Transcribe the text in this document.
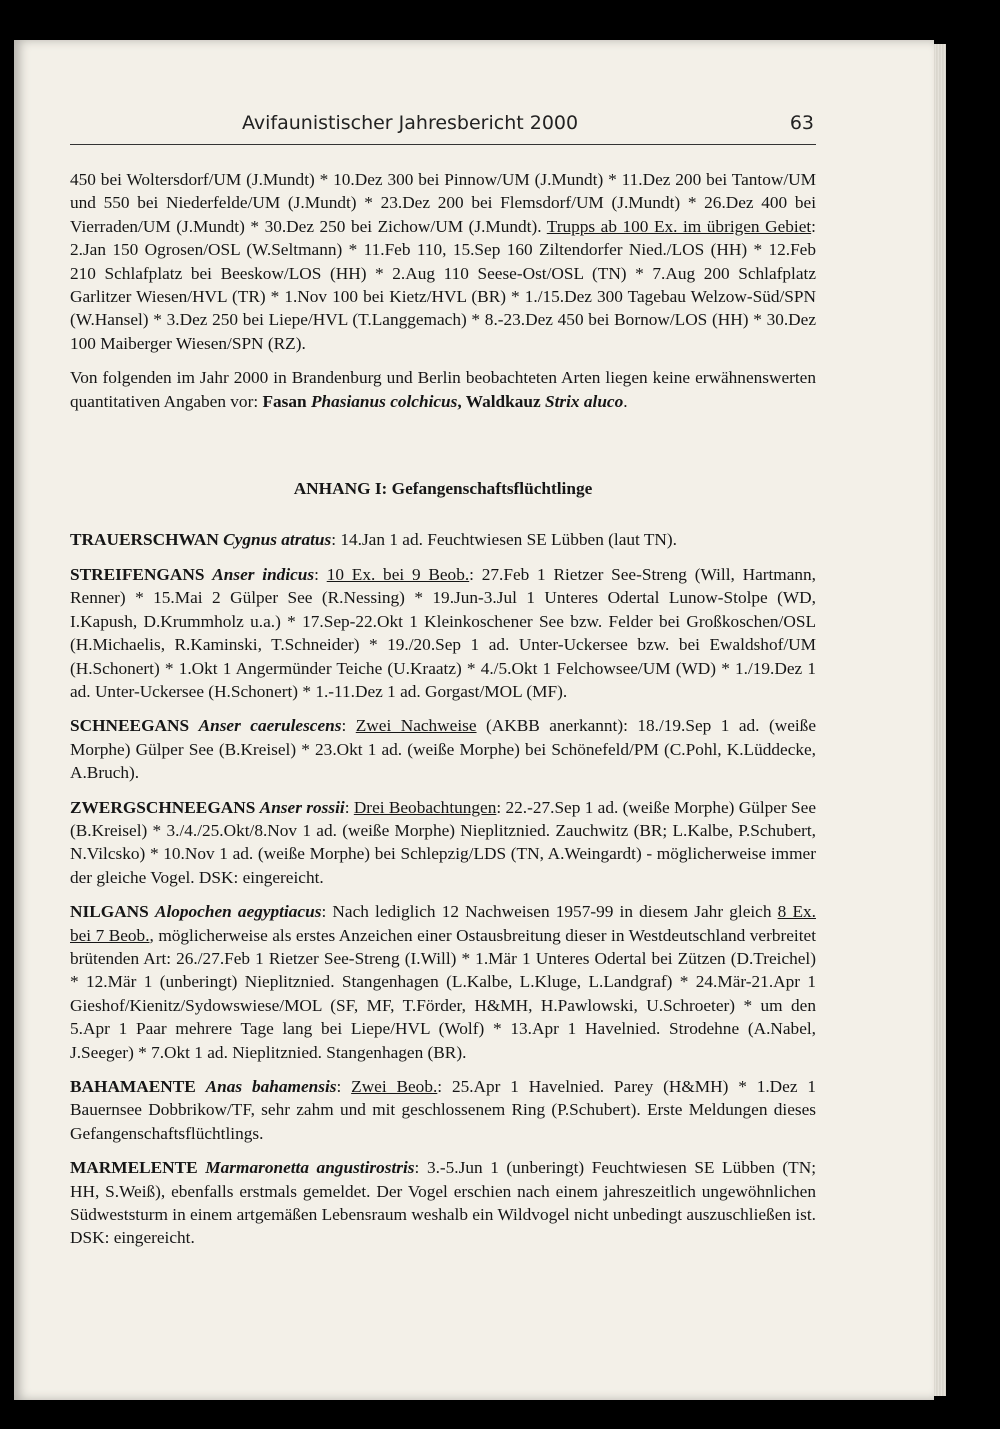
Avifaunistischer Jahresbericht 2000	63

450 bei Woltersdorf/UM (J.Mundt) * 10.Dez 300 bei Pinnow/UM (J.Mundt) * 11.Dez 200 bei Tantow/UM und 550 bei Niederfelde/UM (J.Mundt) * 23.Dez 200 bei Flemsdorf/UM (J.Mundt) * 26.Dez 400 bei Vierraden/UM (J.Mundt) * 30.Dez 250 bei Zichow/UM (J.Mundt). Trupps ab 100 Ex. im übrigen Gebiet: 2.Jan 150 Ogrosen/OSL (W.Seltmann) * 11.Feb 110, 15.Sep 160 Ziltendorfer Nied./LOS (HH) * 12.Feb 210 Schlafplatz bei Beeskow/LOS (HH) * 2.Aug 110 Seese-Ost/OSL (TN) * 7.Aug 200 Schlafplatz Garlitzer Wiesen/HVL (TR) * 1.Nov 100 bei Kietz/HVL (BR) * 1./15.Dez 300 Tagebau Welzow-Süd/SPN (W.Hansel) * 3.Dez 250 bei Liepe/HVL (T.Langgemach) * 8.-23.Dez 450 bei Bornow/LOS (HH) * 30.Dez 100 Maiberger Wiesen/SPN (RZ).

Von folgenden im Jahr 2000 in Brandenburg und Berlin beobachteten Arten liegen keine erwähnenswerten quantitativen Angaben vor: Fasan Phasianus colchicus, Waldkauz Strix aluco.

ANHANG I: Gefangenschaftsflüchtlinge

TRAUERSCHWAN Cygnus atratus: 14.Jan 1 ad. Feuchtwiesen SE Lübben (laut TN).

STREIFENGANS Anser indicus: 10 Ex. bei 9 Beob.: 27.Feb 1 Rietzer See-Streng (Will, Hartmann, Renner) * 15.Mai 2 Gülper See (R.Nessing) * 19.Jun-3.Jul 1 Unteres Odertal Lunow-Stolpe (WD, I.Kapush, D.Krummholz u.a.) * 17.Sep-22.Okt 1 Kleinkoschener See bzw. Felder bei Großkoschen/OSL (H.Michaelis, R.Kaminski, T.Schneider) * 19./20.Sep 1 ad. Unter-Uckersee bzw. bei Ewaldshof/UM (H.Schonert) * 1.Okt 1 Angermünder Teiche (U.Kraatz) * 4./5.Okt 1 Felchowsee/UM (WD) * 1./19.Dez 1 ad. Unter-Uckersee (H.Schonert) * 1.-11.Dez 1 ad. Gorgast/MOL (MF).

SCHNEEGANS Anser caerulescens: Zwei Nachweise (AKBB anerkannt): 18./19.Sep 1 ad. (weiße Morphe) Gülper See (B.Kreisel) * 23.Okt 1 ad. (weiße Morphe) bei Schönefeld/PM (C.Pohl, K.Lüddecke, A.Bruch).

ZWERGSCHNEEGANS Anser rossii: Drei Beobachtungen: 22.-27.Sep 1 ad. (weiße Morphe) Gülper See (B.Kreisel) * 3./4./25.Okt/8.Nov 1 ad. (weiße Morphe) Nieplitznied. Zauchwitz (BR; L.Kalbe, P.Schubert, N.Vilcsko) * 10.Nov 1 ad. (weiße Morphe) bei Schlepzig/LDS (TN, A.Weingardt) - möglicherweise immer der gleiche Vogel. DSK: eingereicht.

NILGANS Alopochen aegyptiacus: Nach lediglich 12 Nachweisen 1957-99 in diesem Jahr gleich 8 Ex. bei 7 Beob., möglicherweise als erstes Anzeichen einer Ostausbreitung dieser in Westdeutschland verbreitet brütenden Art: 26./27.Feb 1 Rietzer See-Streng (I.Will) * 1.Mär 1 Unteres Odertal bei Zützen (D.Treichel) * 12.Mär 1 (unberingt) Nieplitznied. Stangenhagen (L.Kalbe, L.Kluge, L.Landgraf) * 24.Mär-21.Apr 1 Gieshof/Kienitz/Sydowswiese/MOL (SF, MF, T.Förder, H&MH, H.Pawlowski, U.Schroeter) * um den 5.Apr 1 Paar mehrere Tage lang bei Liepe/HVL (Wolf) * 13.Apr 1 Havelnied. Strodehne (A.Nabel, J.Seeger) * 7.Okt 1 ad. Nieplitznied. Stangenhagen (BR).

BAHAMAENTE Anas bahamensis: Zwei Beob.: 25.Apr 1 Havelnied. Parey (H&MH) * 1.Dez 1 Bauernsee Dobbrikow/TF, sehr zahm und mit geschlossenem Ring (P.Schubert). Erste Meldungen dieses Gefangenschaftsflüchtlings.

MARMELENTE Marmaronetta angustirostris: 3.-5.Jun 1 (unberingt) Feuchtwiesen SE Lübben (TN; HH, S.Weiß), ebenfalls erstmals gemeldet. Der Vogel erschien nach einem jahreszeitlich ungewöhnlichen Südweststurm in einem artgemäßen Lebensraum weshalb ein Wildvogel nicht unbedingt auszuschließen ist. DSK: eingereicht.
